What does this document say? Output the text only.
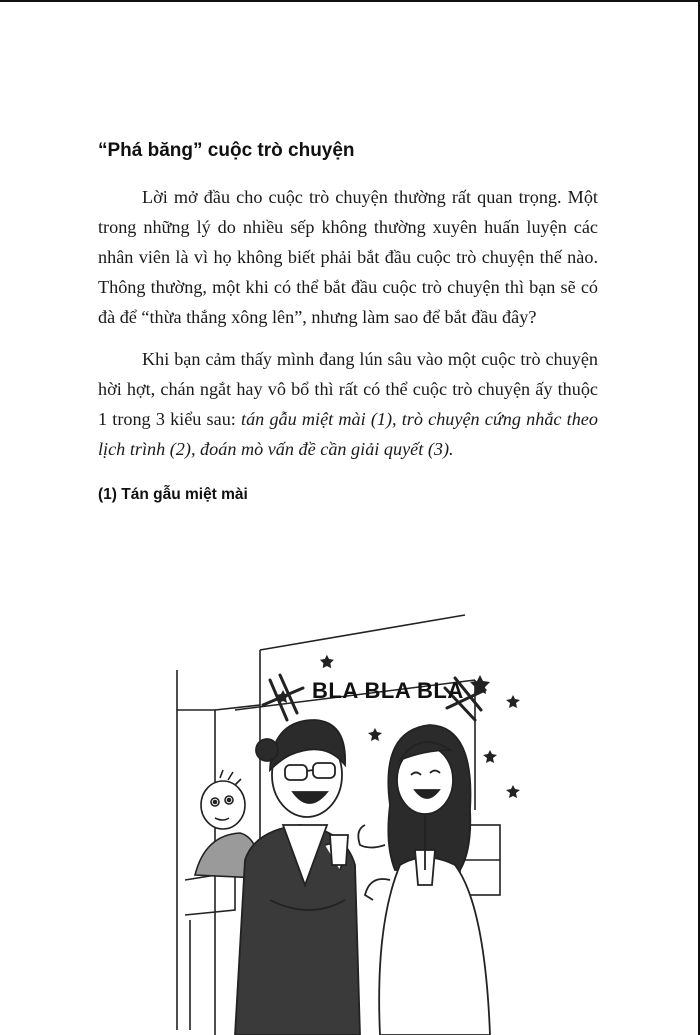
“Phá băng” cuộc trò chuyện

Lời mở đầu cho cuộc trò chuyện thường rất quan trọng. Một trong những lý do nhiều sếp không thường xuyên huấn luyện các nhân viên là vì họ không biết phải bắt đầu cuộc trò chuyện thế nào. Thông thường, một khi có thể bắt đầu cuộc trò chuyện thì bạn sẽ có đà để “thừa thắng xông lên”, nhưng làm sao để bắt đầu đây?

Khi bạn cảm thấy mình đang lún sâu vào một cuộc trò chuyện hời hợt, chán ngắt hay vô bổ thì rất có thể cuộc trò chuyện ấy thuộc 1 trong 3 kiểu sau: tán gẫu miệt mài (1), trò chuyện cứng nhắc theo lịch trình (2), đoán mò vấn đề cần giải quyết (3).

(1) Tán gẫu miệt mài
BLA BLA BLA
